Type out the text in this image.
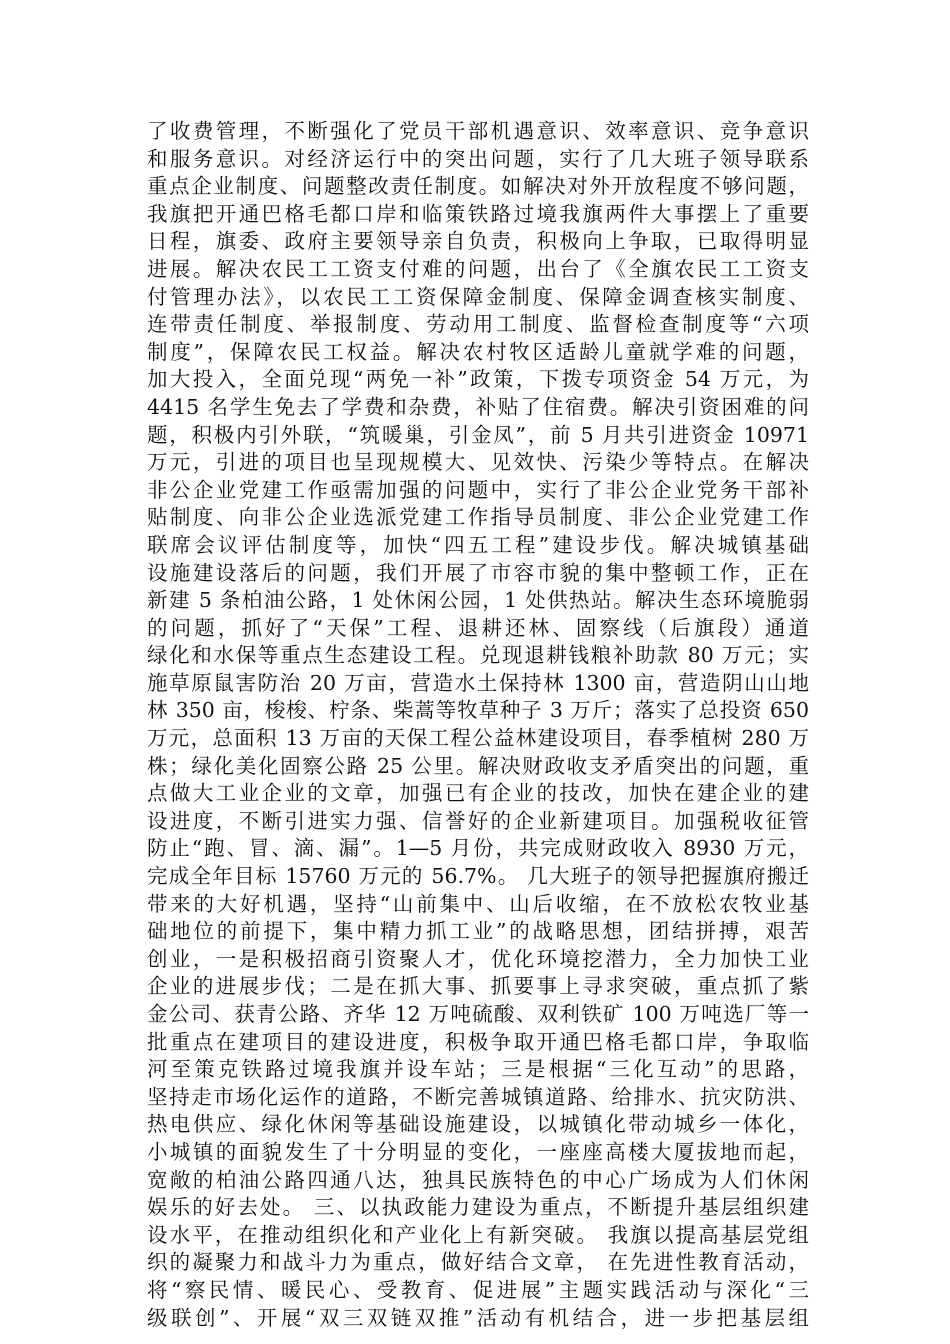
了收费管理，不断强化了党员干部机遇意识、效率意识、竞争意识
和服务意识。对经济运行中的突出问题，实行了几大班子领导联系
重点企业制度、问题整改责任制度。如解决对外开放程度不够问题，
我旗把开通巴格毛都口岸和临策铁路过境我旗两件大事摆上了重要
日程，旗委、政府主要领导亲自负责，积极向上争取，已取得明显
进展。解决农民工工资支付难的问题，出台了《全旗农民工工资支
付管理办法》，以农民工工资保障金制度、保障金调查核实制度、
连带责任制度、举报制度、劳动用工制度、监督检查制度等“六项
制度”，保障农民工权益。解决农村牧区适龄儿童就学难的问题，
加大投入，全面兑现“两免一补”政策，下拨专项资金 54 万元，为
4415 名学生免去了学费和杂费，补贴了住宿费。解决引资困难的问
题，积极内引外联，“筑暖巢，引金凤”，前 5 月共引进资金 10971
万元，引进的项目也呈现规模大、见效快、污染少等特点。在解决
非公企业党建工作亟需加强的问题中，实行了非公企业党务干部补
贴制度、向非公企业选派党建工作指导员制度、非公企业党建工作
联席会议评估制度等，加快“四五工程”建设步伐。解决城镇基础
设施建设落后的问题，我们开展了市容市貌的集中整顿工作，正在
新建 5 条柏油公路，1 处休闲公园，1 处供热站。解决生态环境脆弱
的问题，抓好了“天保”工程、退耕还林、固察线（后旗段）通道
绿化和水保等重点生态建设工程。兑现退耕钱粮补助款 80 万元；实
施草原鼠害防治 20 万亩，营造水土保持林 1300 亩，营造阴山山地
林 350 亩，梭梭、柠条、柴蒿等牧草种子 3 万斤；落实了总投资 650
万元，总面积 13 万亩的天保工程公益林建设项目，春季植树 280 万
株；绿化美化固察公路 25 公里。解决财政收支矛盾突出的问题，重
点做大工业企业的文章，加强已有企业的技改，加快在建企业的建
设进度，不断引进实力强、信誉好的企业新建项目。加强税收征管
防止“跑、冒、滴、漏”。1—5 月份，共完成财政收入 8930 万元，
完成全年目标 15760 万元的 56.7%。 几大班子的领导把握旗府搬迁
带来的大好机遇，坚持“山前集中、山后收缩，在不放松农牧业基
础地位的前提下，集中精力抓工业”的战略思想，团结拼搏，艰苦
创业，一是积极招商引资聚人才，优化环境挖潜力，全力加快工业
企业的进展步伐；二是在抓大事、抓要事上寻求突破，重点抓了紫
金公司、获青公路、齐华 12 万吨硫酸、双利铁矿 100 万吨选厂等一
批重点在建项目的建设进度，积极争取开通巴格毛都口岸，争取临
河至策克铁路过境我旗并设车站；三是根据“三化互动”的思路，
坚持走市场化运作的道路，不断完善城镇道路、给排水、抗灾防洪、
热电供应、绿化休闲等基础设施建设，以城镇化带动城乡一体化，
小城镇的面貌发生了十分明显的变化，一座座高楼大厦拔地而起，
宽敞的柏油公路四通八达，独具民族特色的中心广场成为人们休闲
娱乐的好去处。 三、以执政能力建设为重点，不断提升基层组织建
设水平，在推动组织化和产业化上有新突破。 我旗以提高基层党组
织的凝聚力和战斗力为重点，做好结合文章， 在先进性教育活动，
将“察民情、暖民心、受教育、促进展”主题实践活动与深化“三
级联创”、开展“双三双链双推”活动有机结合，进一步把基层组
